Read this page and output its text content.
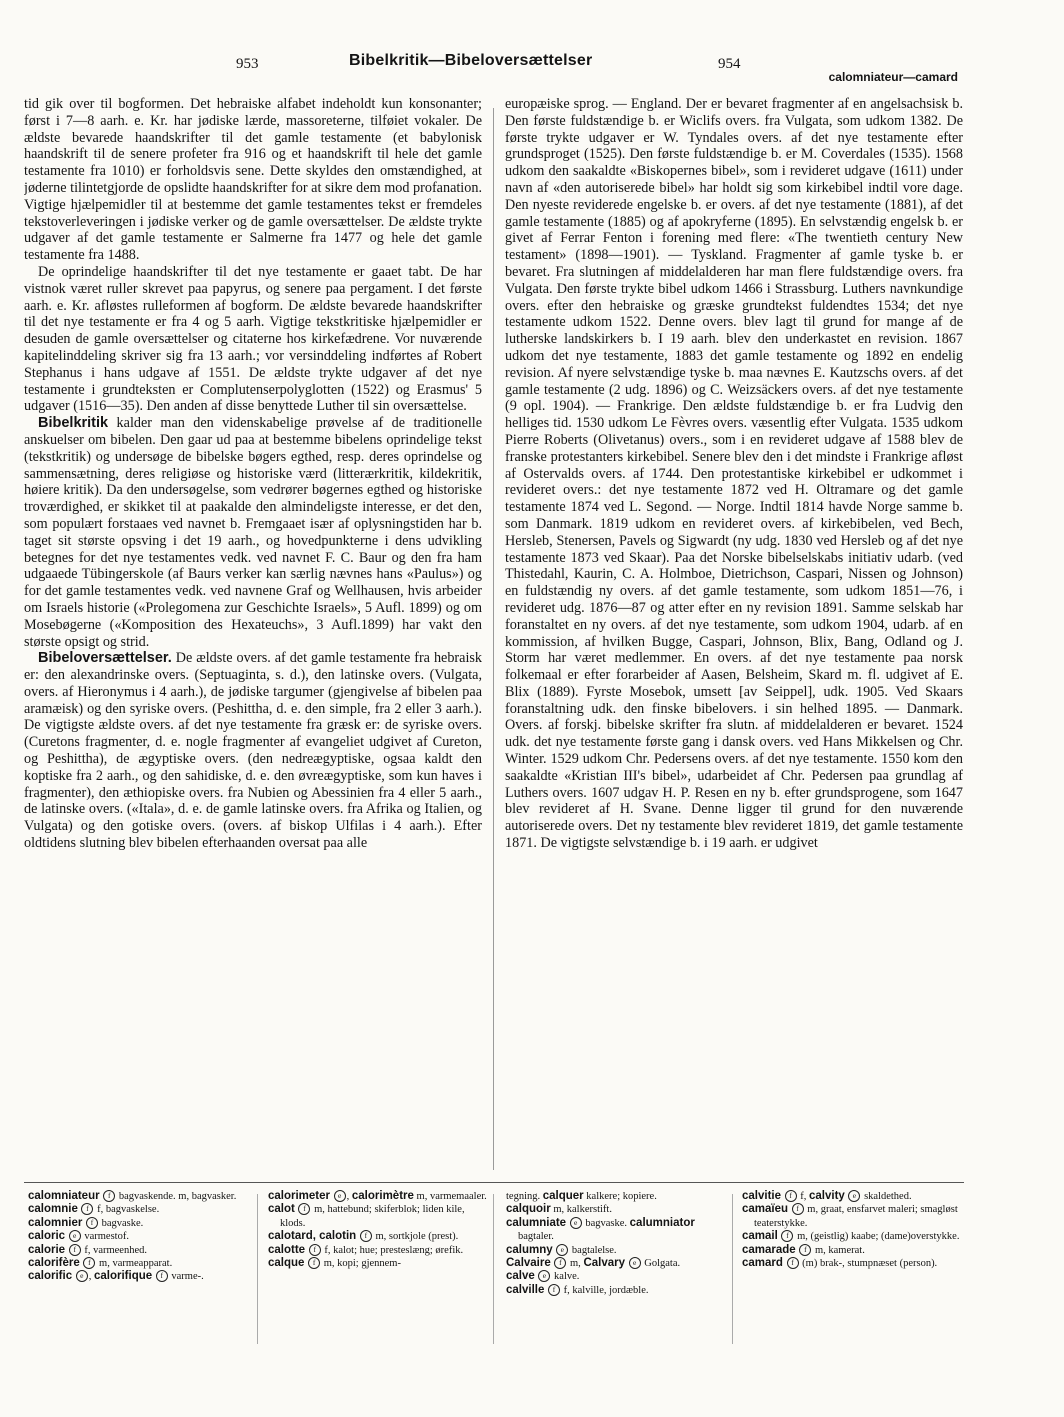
953	Bibelkritik—Bibeloversættelser	954
calomniateur—camard

tid gik over til bogformen. Det hebraiske alfabet indeholdt kun konsonanter; først i 7—8 aarh. e. Kr. har jødiske lærde, massoreterne, tilføiet vokaler. De ældste bevarede haandskrifter til det gamle testamente (et babylonisk haandskrift til de senere profeter fra 916 og et haandskrift til hele det gamle testamente fra 1010) er forholdsvis sene. Dette skyldes den omstændighed, at jøderne tilintetgjorde de opslidte haandskrifter for at sikre dem mod profanation. Vigtige hjælpemidler til at bestemme det gamle testamentes tekst er fremdeles tekstoverleveringen i jødiske verker og de gamle oversættelser. De ældste trykte udgaver af det gamle testamente er Salmerne fra 1477 og hele det gamle testamente fra 1488.

De oprindelige haandskrifter til det nye testamente er gaaet tabt. De har vistnok været ruller skrevet paa papyrus, og senere paa pergament. I det første aarh. e. Kr. afløstes rulleformen af bogform. De ældste bevarede haandskrifter til det nye testamente er fra 4 og 5 aarh. Vigtige tekstkritiske hjælpemidler er desuden de gamle oversættelser og citaterne hos kirkefædrene. Vor nuværende kapitelinddeling skriver sig fra 13 aarh.; vor versinddeling indførtes af Robert Stephanus i hans udgave af 1551. De ældste trykte udgaver af det nye testamente i grundteksten er Complutenserpolyglotten (1522) og Erasmus' 5 udgaver (1516—35). Den anden af disse benyttede Luther til sin oversættelse.

Bibelkritik kalder man den videnskabelige prøvelse af de traditionelle anskuelser om bibelen. Den gaar ud paa at bestemme bibelens oprindelige tekst (tekstkritik) og undersøge de bibelske bøgers egthed, resp. deres oprindelse og sammensætning, deres religiøse og historiske værd (litterærkritik, kildekritik, høiere kritik). Da den undersøgelse, som vedrører bøgernes egthed og historiske troværdighed, er skikket til at paakalde den almindeligste interesse, er det den, som populært forstaaes ved navnet b. Fremgaaet især af oplysningstiden har b. taget sit største opsving i det 19 aarh., og hovedpunkterne i dens udvikling betegnes for det nye testamentes vedk. ved navnet F. C. Baur og den fra ham udgaaede Tübingerskole (af Baurs verker kan særlig nævnes hans «Paulus») og for det gamle testamentes vedk. ved navnene Graf og Wellhausen, hvis arbeider om Israels historie («Prolegomena zur Geschichte Israels», 5 Aufl. 1899) og om Mosebøgerne («Komposition des Hexateuchs», 3 Aufl.1899) har vakt den største opsigt og strid.

Bibeloversættelser. De ældste overs. af det gamle testamente fra hebraisk er: den alexandrinske overs. (Septuaginta, s. d.), den latinske overs. (Vulgata, overs. af Hieronymus i 4 aarh.), de jødiske targumer (gjengivelse af bibelen paa aramæisk) og den syriske overs. (Peshittha, d. e. den simple, fra 2 eller 3 aarh.). De vigtigste ældste overs. af det nye testamente fra græsk er: de syriske overs. (Curetons fragmenter, d. e. nogle fragmenter af evangeliet udgivet af Cureton, og Peshittha), de ægyptiske overs. (den nedreægyptiske, ogsaa kaldt den koptiske fra 2 aarh., og den sahidiske, d. e. den øvreægyptiske, som kun haves i fragmenter), den æthiopiske overs. fra Nubien og Abessinien fra 4 eller 5 aarh., de latinske overs. («Itala», d. e. de gamle latinske overs. fra Afrika og Italien, og Vulgata) og den gotiske overs. (overs. af biskop Ulfilas i 4 aarh.). Efter oldtidens slutning blev bibelen efterhaanden oversat paa alle

europæiske sprog. — England. Der er bevaret fragmenter af en angelsachsisk b. Den første fuldstændige b. er Wiclifs overs. fra Vulgata, som udkom 1382. De første trykte udgaver er W. Tyndales overs. af det nye testamente efter grundsproget (1525). Den første fuldstændige b. er M. Coverdales (1535). 1568 udkom den saakaldte «Biskopernes bibel», som i revideret udgave (1611) under navn af «den autoriserede bibel» har holdt sig som kirkebibel indtil vore dage. Den nyeste reviderede engelske b. er overs. af det nye testamente (1881), af det gamle testamente (1885) og af apokryferne (1895). En selvstændig engelsk b. er givet af Ferrar Fenton i forening med flere: «The twentieth century New testament» (1898—1901). — Tyskland. Fragmenter af gamle tyske b. er bevaret. Fra slutningen af middelalderen har man flere fuldstændige overs. fra Vulgata. Den første trykte bibel udkom 1466 i Strassburg. Luthers navnkundige overs. efter den hebraiske og græske grundtekst fuldendtes 1534; det nye testamente udkom 1522. Denne overs. blev lagt til grund for mange af de lutherske landskirkers b. I 19 aarh. blev den underkastet en revision. 1867 udkom det nye testamente, 1883 det gamle testamente og 1892 en endelig revision. Af nyere selvstændige tyske b. maa nævnes E. Kautzschs overs. af det gamle testamente (2 udg. 1896) og C. Weizsäckers overs. af det nye testamente (9 opl. 1904). — Frankrige. Den ældste fuldstændige b. er fra Ludvig den helliges tid. 1530 udkom Le Fèvres overs. væsentlig efter Vulgata. 1535 udkom Pierre Roberts (Olivetanus) overs., som i en revideret udgave af 1588 blev de franske protestanters kirkebibel. Senere blev den i det mindste i Frankrige afløst af Ostervalds overs. af 1744. Den protestantiske kirkebibel er udkommet i revideret overs.: det nye testamente 1872 ved H. Oltramare og det gamle testamente 1874 ved L. Segond. — Norge. Indtil 1814 havde Norge samme b. som Danmark. 1819 udkom en revideret overs. af kirkebibelen, ved Bech, Hersleb, Stenersen, Pavels og Sigwardt (ny udg. 1830 ved Hersleb og af det nye testamente 1873 ved Skaar). Paa det Norske bibelselskabs initiativ udarb. (ved Thistedahl, Kaurin, C. A. Holmboe, Dietrichson, Caspari, Nissen og Johnson) en fuldstændig ny overs. af det gamle testamente, som udkom 1851—76, i revideret udg. 1876—87 og atter efter en ny revision 1891. Samme selskab har foranstaltet en ny overs. af det nye testamente, som udkom 1904, udarb. af en kommission, af hvilken Bugge, Caspari, Johnson, Blix, Bang, Odland og J. Storm har været medlemmer. En overs. af det nye testamente paa norsk folkemaal er efter forarbeider af Aasen, Belsheim, Skard m. fl. udgivet af E. Blix (1889). Fyrste Mosebok, umsett [av Seippel], udk. 1905. Ved Skaars foranstaltning udk. den finske bibelovers. i sin helhed 1895. — Danmark. Overs. af forskj. bibelske skrifter fra slutn. af middelalderen er bevaret. 1524 udk. det nye testamente første gang i dansk overs. ved Hans Mikkelsen og Chr. Winter. 1529 udkom Chr. Pedersens overs. af det nye testamente. 1550 kom den saakaldte «Kristian III's bibel», udarbeidet af Chr. Pedersen paa grundlag af Luthers overs. 1607 udgav H. P. Resen en ny b. efter grundsprogene, som 1647 blev revideret af H. Svane. Denne ligger til grund for den nuværende autoriserede overs. Det ny testamente blev revideret 1819, det gamle testamente 1871. De vigtigste selvstændige b. i 19 aarh. er udgivet

calomniateur f bagvaskende. m, bagvasker.

calomnie f f, bagvaskelse.

calomnier f bagvaske.

caloric e varmestof.

calorie f f, varmeenhed.

calorifère f m, varmeapparat.

calorific e , calorifique f varme-.

calorimeter e , calorimètre m, varmemaaler.

calot f m, hattebund; skiferblok; liden kile, klods.

calotard, calotin f m, sortkjole (prest).

calotte f f, kalot; hue; presteslæng; ørefik.

calque f m, kopi; gjennem-

tegning. calquer kalkere; kopiere.

calquoir m, kalkerstift.

calumniate e bagvaske. calumniator bagtaler.

calumny e bagtalelse.

Calvaire f m, Calvary e Golgata.

calve e kalve.

calville f f, kalville, jordæble.

calvitie f f, calvity e skaldethed.

camaïeu f m, graat, ensfarvet maleri; smagløst teaterstykke.

camail f m, (geistlig) kaabe; (dame)overstykke.

camarade f m, kamerat.

camard f (m) brak-, stumpnæset (person).
